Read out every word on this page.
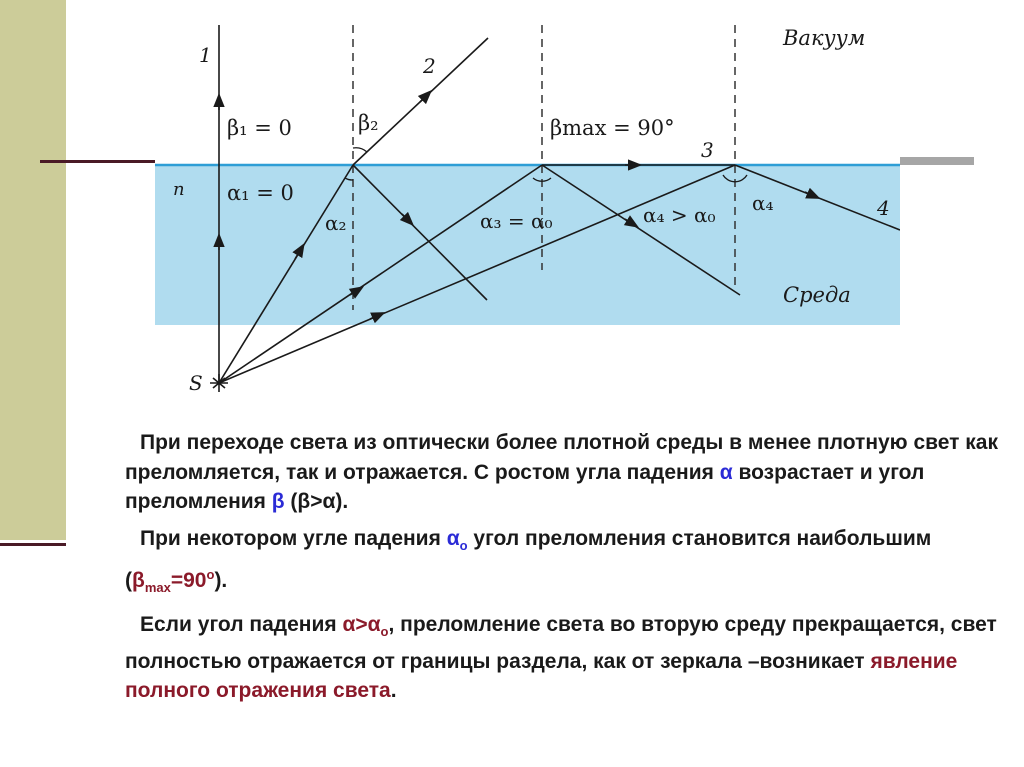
Вакуум
Среда
n
S
1	2
3
4
β₁ = 0
α₁ = 0
β₂
α₂
βmax = 90°
α₃ = α₀	α₄ > α₀ α₄

При переходе света из оптически более плотной среды в менее плотную свет как преломляется, так и отражается. С ростом угла падения α возрастает и угол преломления β (β>α).

При некотором угле падения $\alpha_o$ угол преломления становится наибольшим $(\beta_{max}=90^o)$.

Если угол падения $\alpha>\alpha_o$, преломление света во вторую среду прекращается, свет полностью отражается от границы раздела, как от зеркала –возникает явление полного отражения света.
